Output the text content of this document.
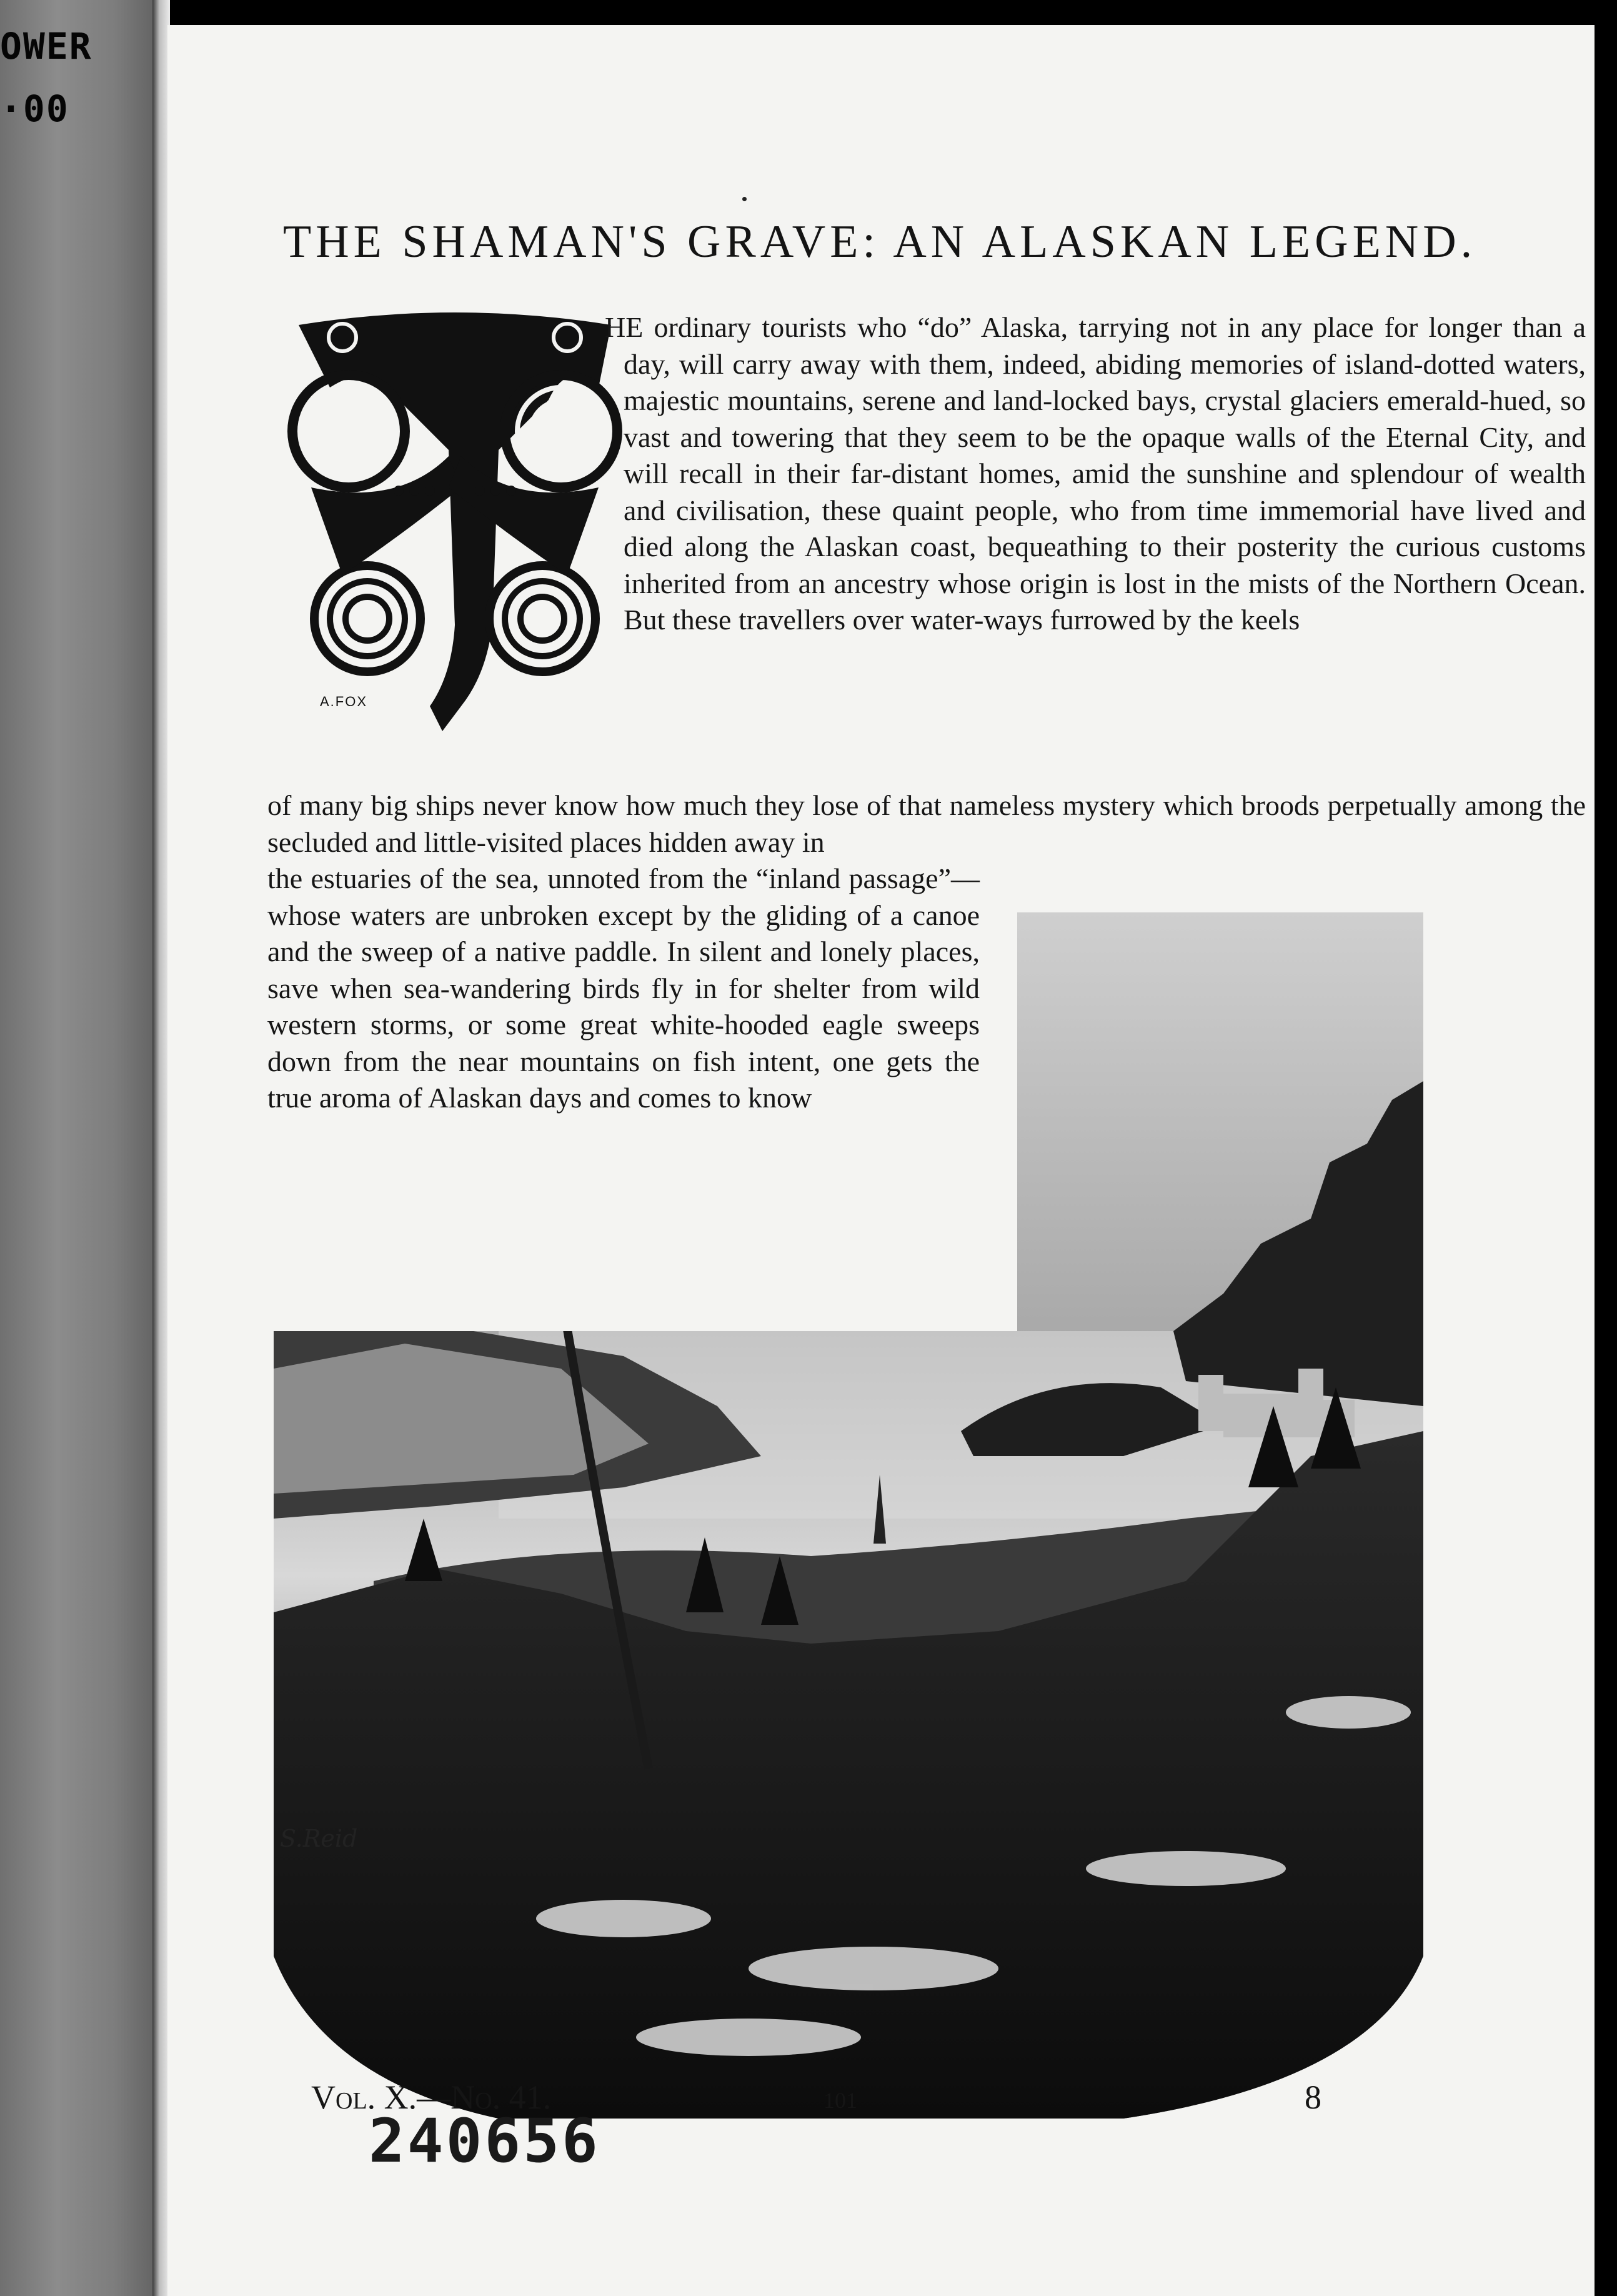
OWER
·00
THE SHAMAN'S GRAVE: AN ALASKAN LEGEND.
A.FOX

HE ordinary tourists who “do” Alaska, tarrying not in any place for longer than a day, will carry away with them, indeed, abiding memories of island-dotted waters, majestic mountains, serene and land-locked bays, crystal glaciers emerald-hued, so vast and towering that they seem to be the opaque walls of the Eternal City, and will recall in their far-distant homes, amid the sunshine and splendour of wealth and civilisation, these quaint people, who from time immemorial have lived and died along the Alaskan coast, bequeathing to their posterity the curious customs inherited from an ancestry whose origin is lost in the mists of the Northern Ocean. But these travellers over water-ways furrowed by the keels

of many big ships never know how much they lose of that nameless mystery which broods perpetually among the secluded and little-visited places hidden away in

the estuaries of the sea, unnoted from the “inland passage”—whose waters are unbroken except by the gliding of a canoe and the sweep of a native paddle. In silent and lonely places, save when sea-wandering birds fly in for shelter from wild western storms, or some great white-hooded eagle sweeps down from the near mountains on fish intent, one gets the true aroma of Alaskan days and comes to know

S.Reid
Vol. X.—No. 41.	101	8
240656
